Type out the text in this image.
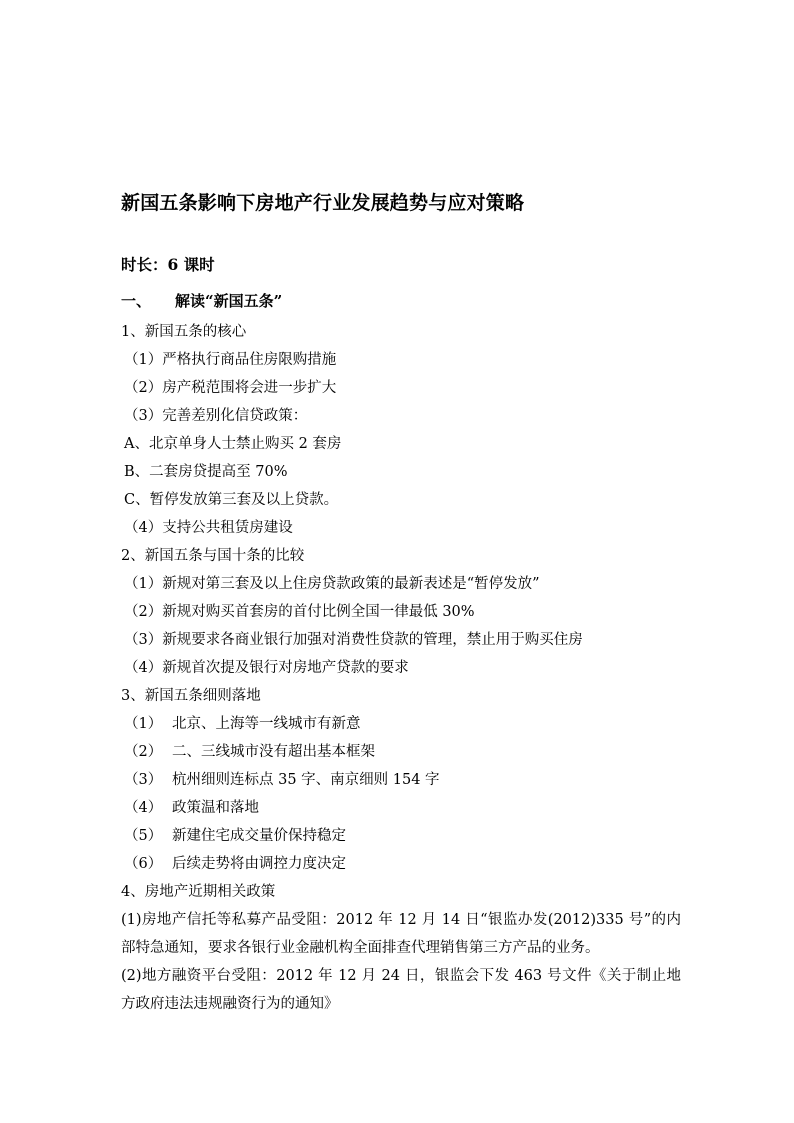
新国五条影响下房地产行业发展趋势与应对策略
时长：6 课时
一、 解读“新国五条”
1、新国五条的核心
（1）严格执行商品住房限购措施
（2）房产税范围将会进一步扩大
（3）完善差别化信贷政策：
A、北京单身人士禁止购买 2 套房
B、二套房贷提高至 70%
C、暂停发放第三套及以上贷款。
（4）支持公共租赁房建设
2、新国五条与国十条的比较
（1）新规对第三套及以上住房贷款政策的最新表述是“暂停发放”
（2）新规对购买首套房的首付比例全国一律最低 30%
（3）新规要求各商业银行加强对消费性贷款的管理，禁止用于购买住房
（4）新规首次提及银行对房地产贷款的要求
3、新国五条细则落地
（1） 北京、上海等一线城市有新意
（2） 二、三线城市没有超出基本框架
（3） 杭州细则连标点 35 字、南京细则 154 字
（4） 政策温和落地
（5） 新建住宅成交量价保持稳定
（6） 后续走势将由调控力度决定
4、房地产近期相关政策
(1)房地产信托等私募产品受阻：2012 年 12 月 14 日“银监办发(2012)335 号”的内部特急通知，要求各银行业金融机构全面排查代理销售第三方产品的业务。
(2)地方融资平台受阻：2012 年 12 月 24 日，银监会下发 463 号文件《关于制止地方政府违法违规融资行为的通知》
